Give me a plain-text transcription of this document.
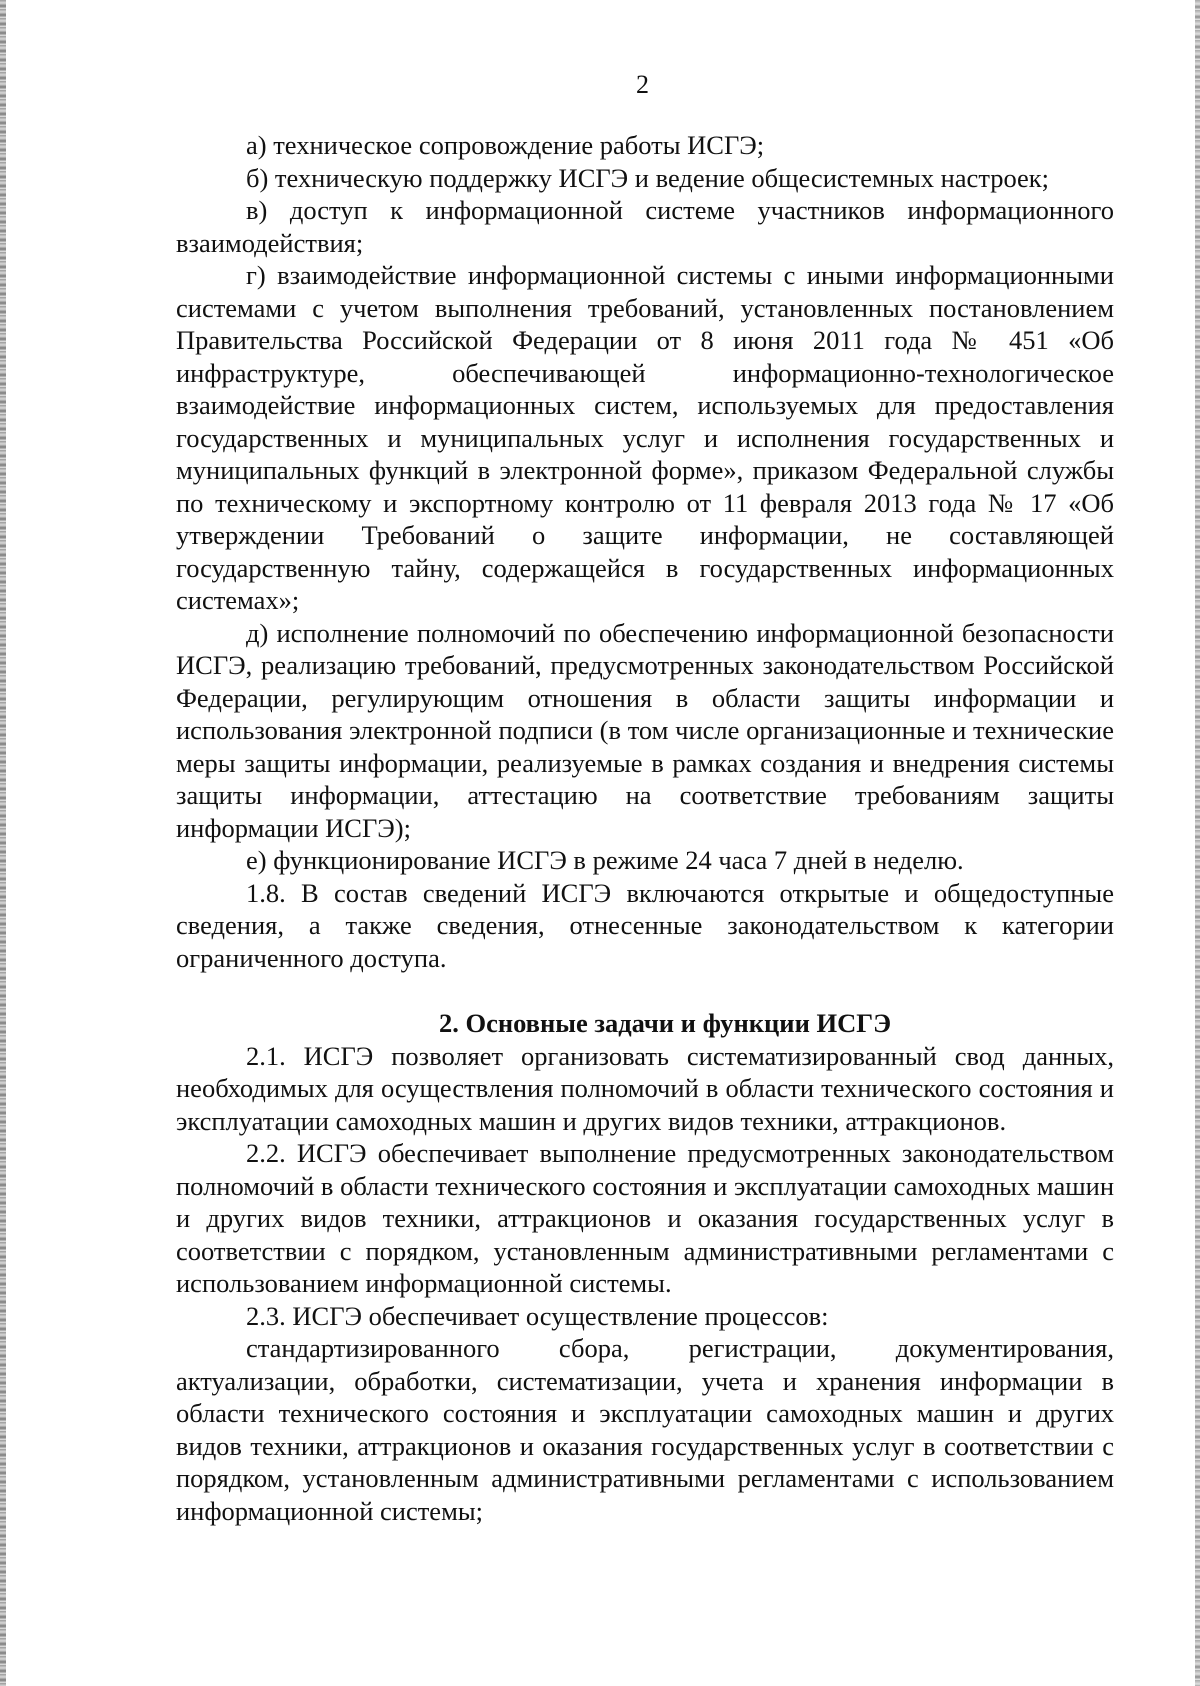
2

а) техническое сопровождение работы ИСГЭ;

б) техническую поддержку ИСГЭ и ведение общесистемных настроек;

в) доступ к информационной системе участников информационного взаимодействия;

г) взаимодействие информационной системы с иными информационными системами с учетом выполнения требований, установленных постановлением Правительства Российской Федерации от 8 июня 2011 года № 451 «Об инфраструктуре, обеспечивающей информационно-технологическое взаимодействие информационных систем, используемых для предоставления государственных и муниципальных услуг и исполнения государственных и муниципальных функций в электронной форме», приказом Федеральной службы по техническому и экспортному контролю от 11 февраля 2013 года № 17 «Об утверждении Требований о защите информации, не составляющей государственную тайну, содержащейся в государственных информационных системах»;

д) исполнение полномочий по обеспечению информационной безопасности ИСГЭ, реализацию требований, предусмотренных законодательством Российской Федерации, регулирующим отношения в области защиты информации и использования электронной подписи (в том числе организационные и технические меры защиты информации, реализуемые в рамках создания и внедрения системы защиты информации, аттестацию на соответствие требованиям защиты информации ИСГЭ);

е) функционирование ИСГЭ в режиме 24 часа 7 дней в неделю.

1.8. В состав сведений ИСГЭ включаются открытые и общедоступные сведения, а также сведения, отнесенные законодательством к категории ограниченного доступа.

2. Основные задачи и функции ИСГЭ

2.1. ИСГЭ позволяет организовать систематизированный свод данных, необходимых для осуществления полномочий в области технического состояния и эксплуатации самоходных машин и других видов техники, аттракционов.

2.2. ИСГЭ обеспечивает выполнение предусмотренных законодательством полномочий в области технического состояния и эксплуатации самоходных машин и других видов техники, аттракционов и оказания государственных услуг в соответствии с порядком, установленным административными регламентами с использованием информационной системы.

2.3. ИСГЭ обеспечивает осуществление процессов:

стандартизированного сбора, регистрации, документирования, актуализации, обработки, систематизации, учета и хранения информации в области технического состояния и эксплуатации самоходных машин и других видов техники, аттракционов и оказания государственных услуг в соответствии с порядком, установленным административными регламентами с использованием информационной системы;
